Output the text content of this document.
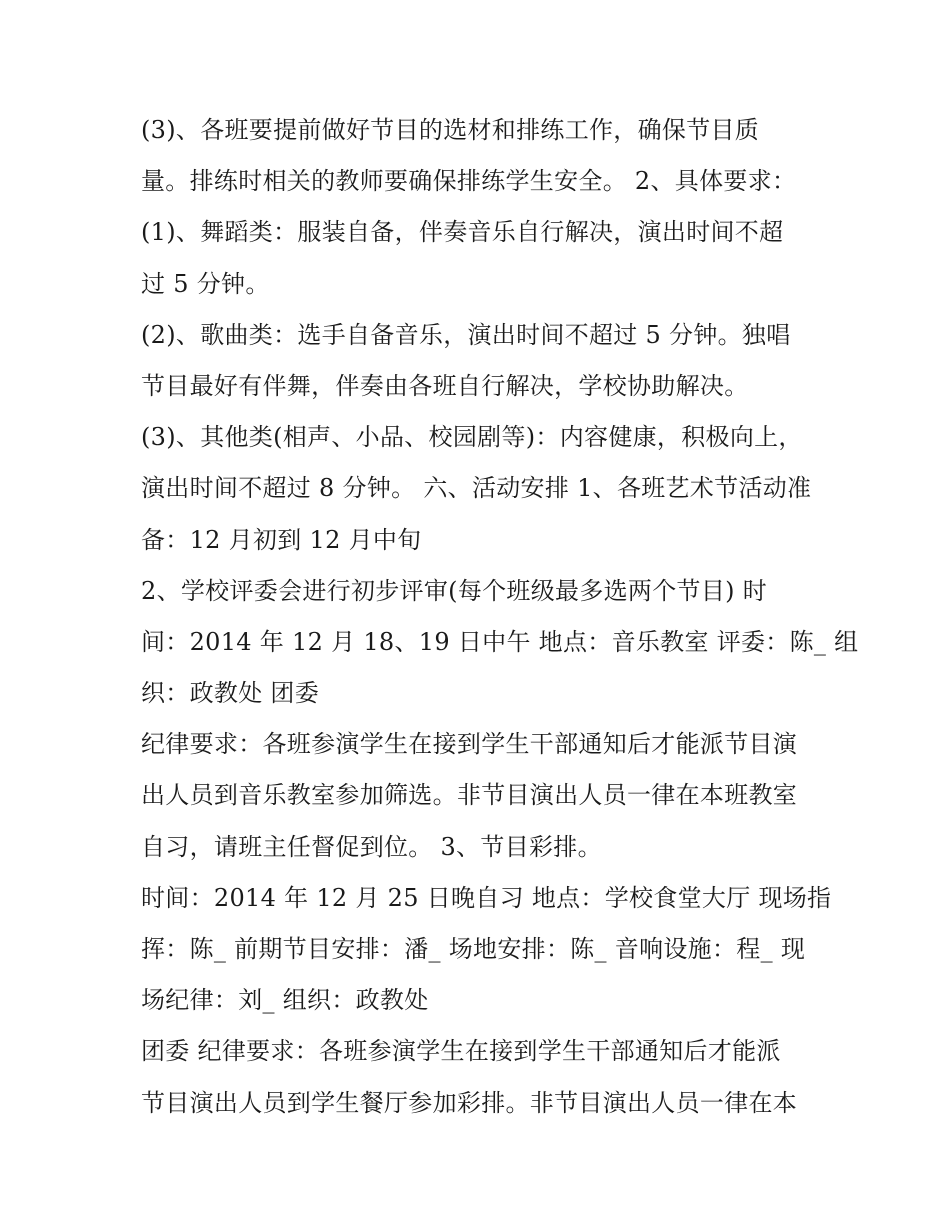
(3)、各班要提前做好节目的选材和排练工作，确保节目质
量。排练时相关的教师要确保排练学生安全。 2、具体要求：
(1)、舞蹈类：服装自备，伴奏音乐自行解决，演出时间不超
过 5 分钟。
(2)、歌曲类：选手自备音乐，演出时间不超过 5 分钟。独唱
节目最好有伴舞，伴奏由各班自行解决，学校协助解决。
(3)、其他类(相声、小品、校园剧等)：内容健康，积极向上，
演出时间不超过 8 分钟。 六、活动安排 1、各班艺术节活动准
备：12 月初到 12 月中旬
2、学校评委会进行初步评审(每个班级最多选两个节目) 时
间：2014 年 12 月 18、19 日中午 地点：音乐教室 评委：陈_ 组
织：政教处 团委
纪律要求：各班参演学生在接到学生干部通知后才能派节目演
出人员到音乐教室参加筛选。非节目演出人员一律在本班教室
自习，请班主任督促到位。 3、节目彩排。
时间：2014 年 12 月 25 日晚自习 地点：学校食堂大厅 现场指
挥：陈_ 前期节目安排：潘_ 场地安排：陈_ 音响设施：程_ 现
场纪律：刘_ 组织：政教处
团委 纪律要求：各班参演学生在接到学生干部通知后才能派
节目演出人员到学生餐厅参加彩排。非节目演出人员一律在本
